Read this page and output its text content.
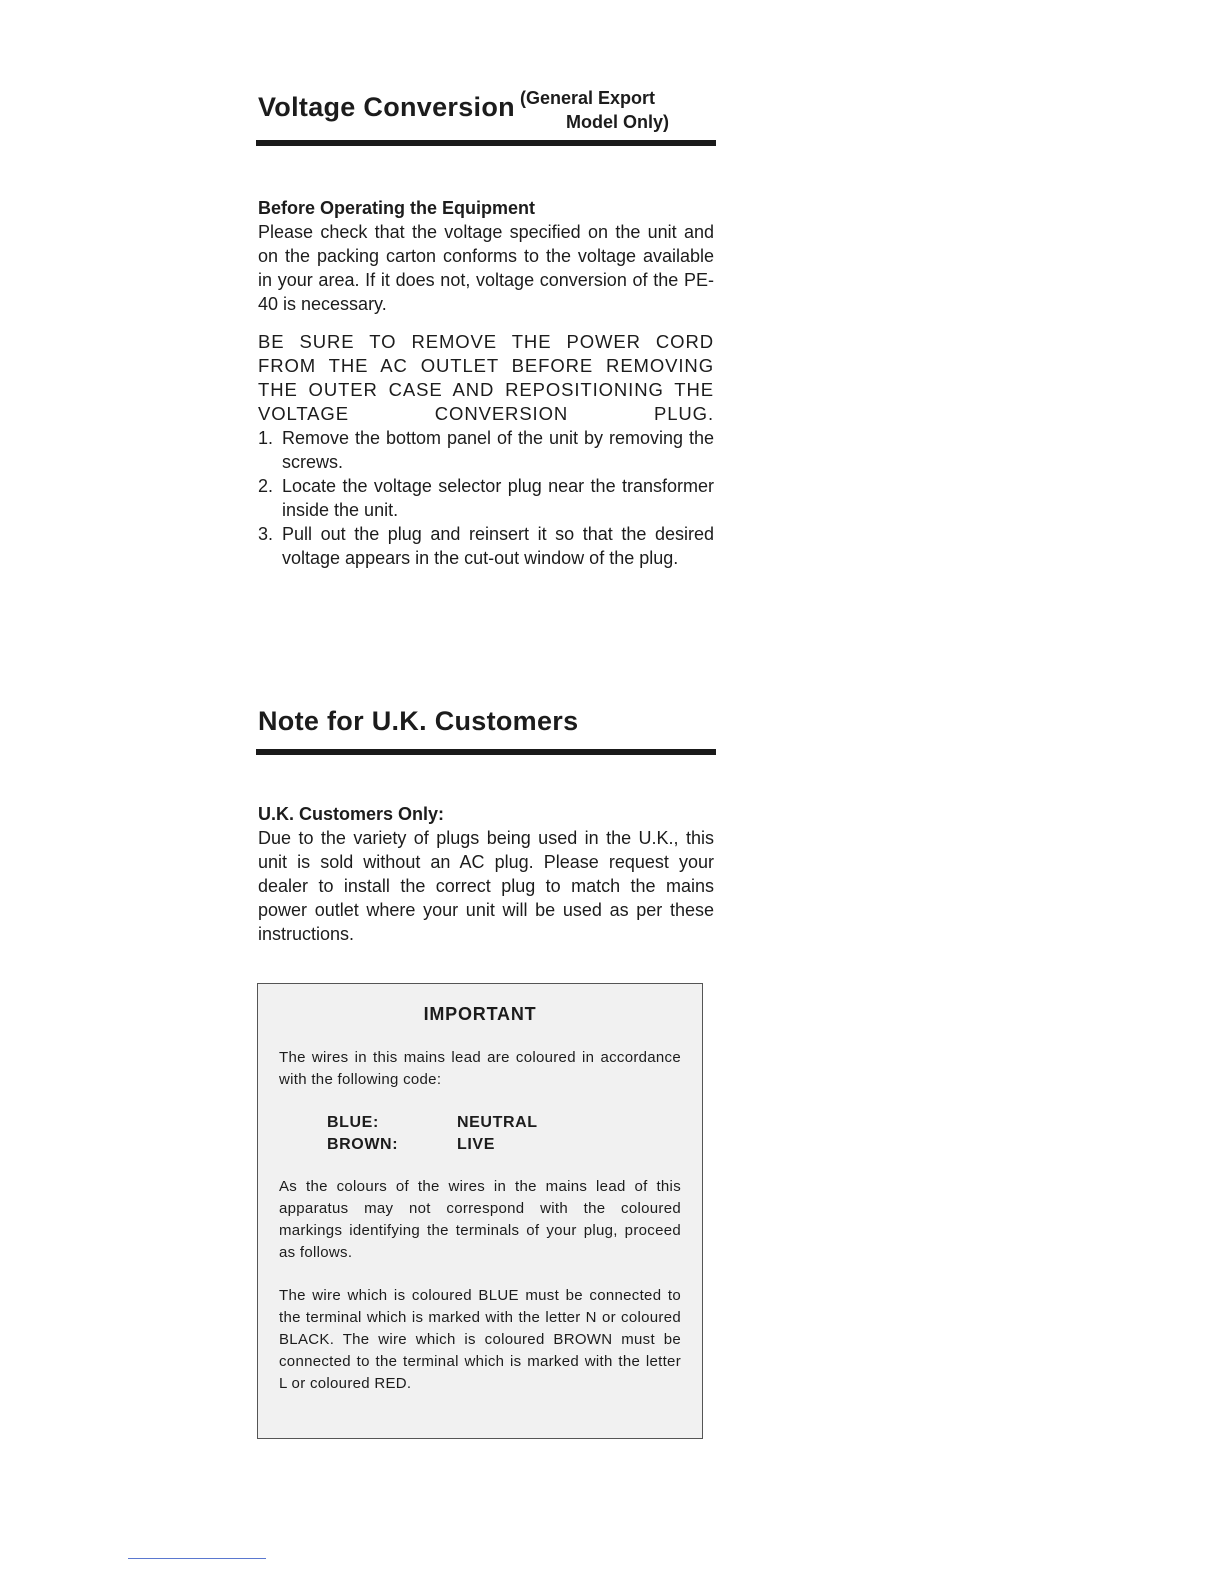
Voltage Conversion (General Export
Model Only)
Before Operating the Equipment
Please check that the voltage specified on the unit and on the packing carton conforms to the voltage available in your area. If it does not, voltage conversion of the PE-40 is necessary.
BE SURE TO REMOVE THE POWER CORD FROM THE AC OUTLET BEFORE REMOVING THE OUTER CASE AND REPOSITIONING THE VOLTAGE CONVERSION PLUG.
1. Remove the bottom panel of the unit by removing the screws.
2. Locate the voltage selector plug near the transformer inside the unit.
3. Pull out the plug and reinsert it so that the desired voltage appears in the cut-out window of the plug.
Note for U.K. Customers
U.K. Customers Only:
Due to the variety of plugs being used in the U.K., this unit is sold without an AC plug. Please request your dealer to install the correct plug to match the mains power outlet where your unit will be used as per these instructions.
IMPORTANT

The wires in this mains lead are coloured in accordance with the following code:

BLUE:	NEUTRAL
BROWN:	LIVE

As the colours of the wires in the mains lead of this apparatus may not correspond with the coloured markings identifying the terminals of your plug, proceed as follows.

The wire which is coloured BLUE must be connected to the terminal which is marked with the letter N or coloured BLACK. The wire which is coloured BROWN must be connected to the terminal which is marked with the letter L or coloured RED.
